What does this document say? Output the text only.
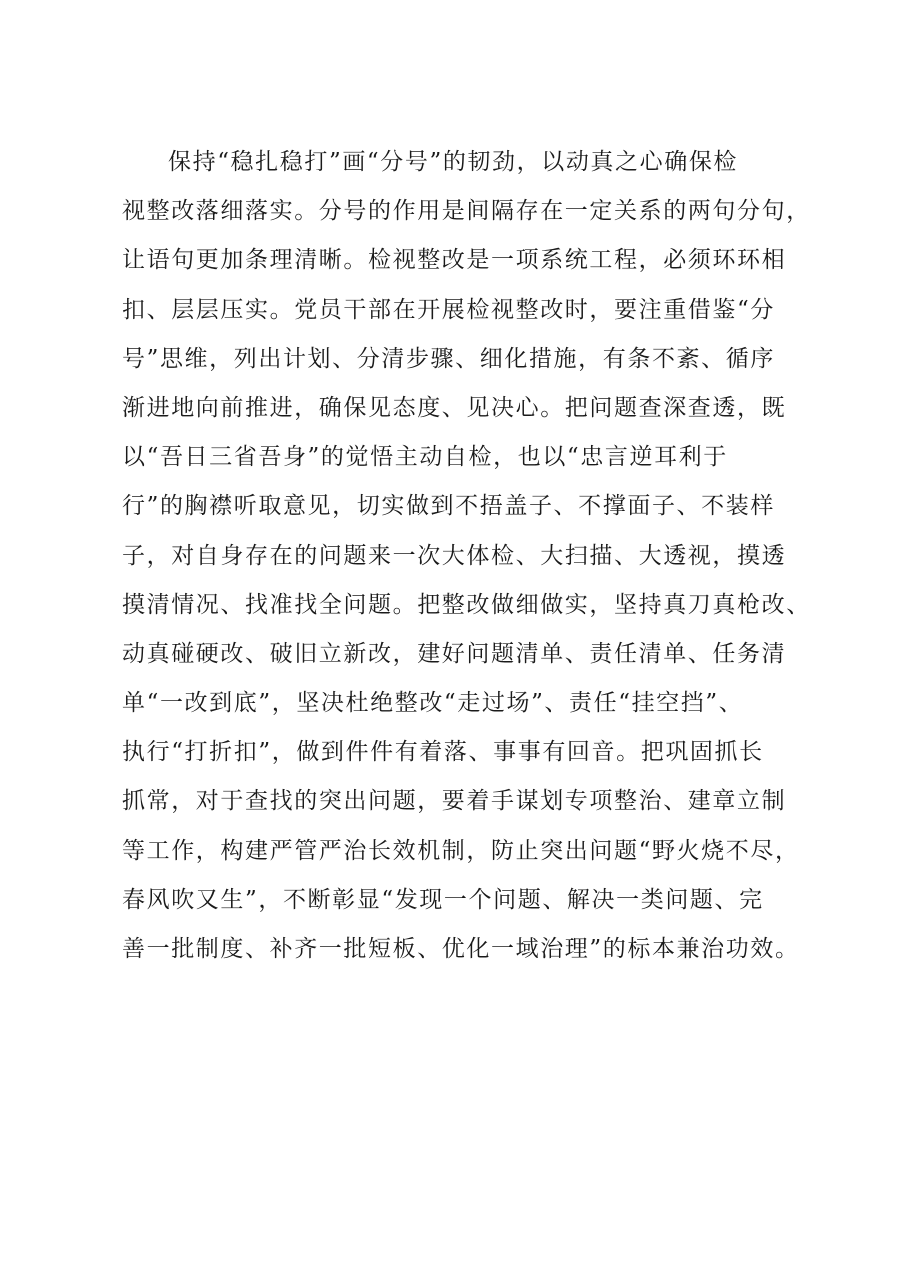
保持“稳扎稳打”画“分号”的韧劲，以动真之心确保检
视整改落细落实。分号的作用是间隔存在一定关系的两句分句，
让语句更加条理清晰。检视整改是一项系统工程，必须环环相
扣、层层压实。党员干部在开展检视整改时，要注重借鉴“分
号”思维，列出计划、分清步骤、细化措施，有条不紊、循序
渐进地向前推进，确保见态度、见决心。把问题查深查透，既
以“吾日三省吾身”的觉悟主动自检，也以“忠言逆耳利于
行”的胸襟听取意见，切实做到不捂盖子、不撑面子、不装样
子，对自身存在的问题来一次大体检、大扫描、大透视，摸透
摸清情况、找准找全问题。把整改做细做实，坚持真刀真枪改、
动真碰硬改、破旧立新改，建好问题清单、责任清单、任务清
单“一改到底”，坚决杜绝整改“走过场”、责任“挂空挡”、
执行“打折扣”，做到件件有着落、事事有回音。把巩固抓长
抓常，对于查找的突出问题，要着手谋划专项整治、建章立制
等工作，构建严管严治长效机制，防止突出问题“野火烧不尽，
春风吹又生”，不断彰显“发现一个问题、解决一类问题、完
善一批制度、补齐一批短板、优化一域治理”的标本兼治功效。
